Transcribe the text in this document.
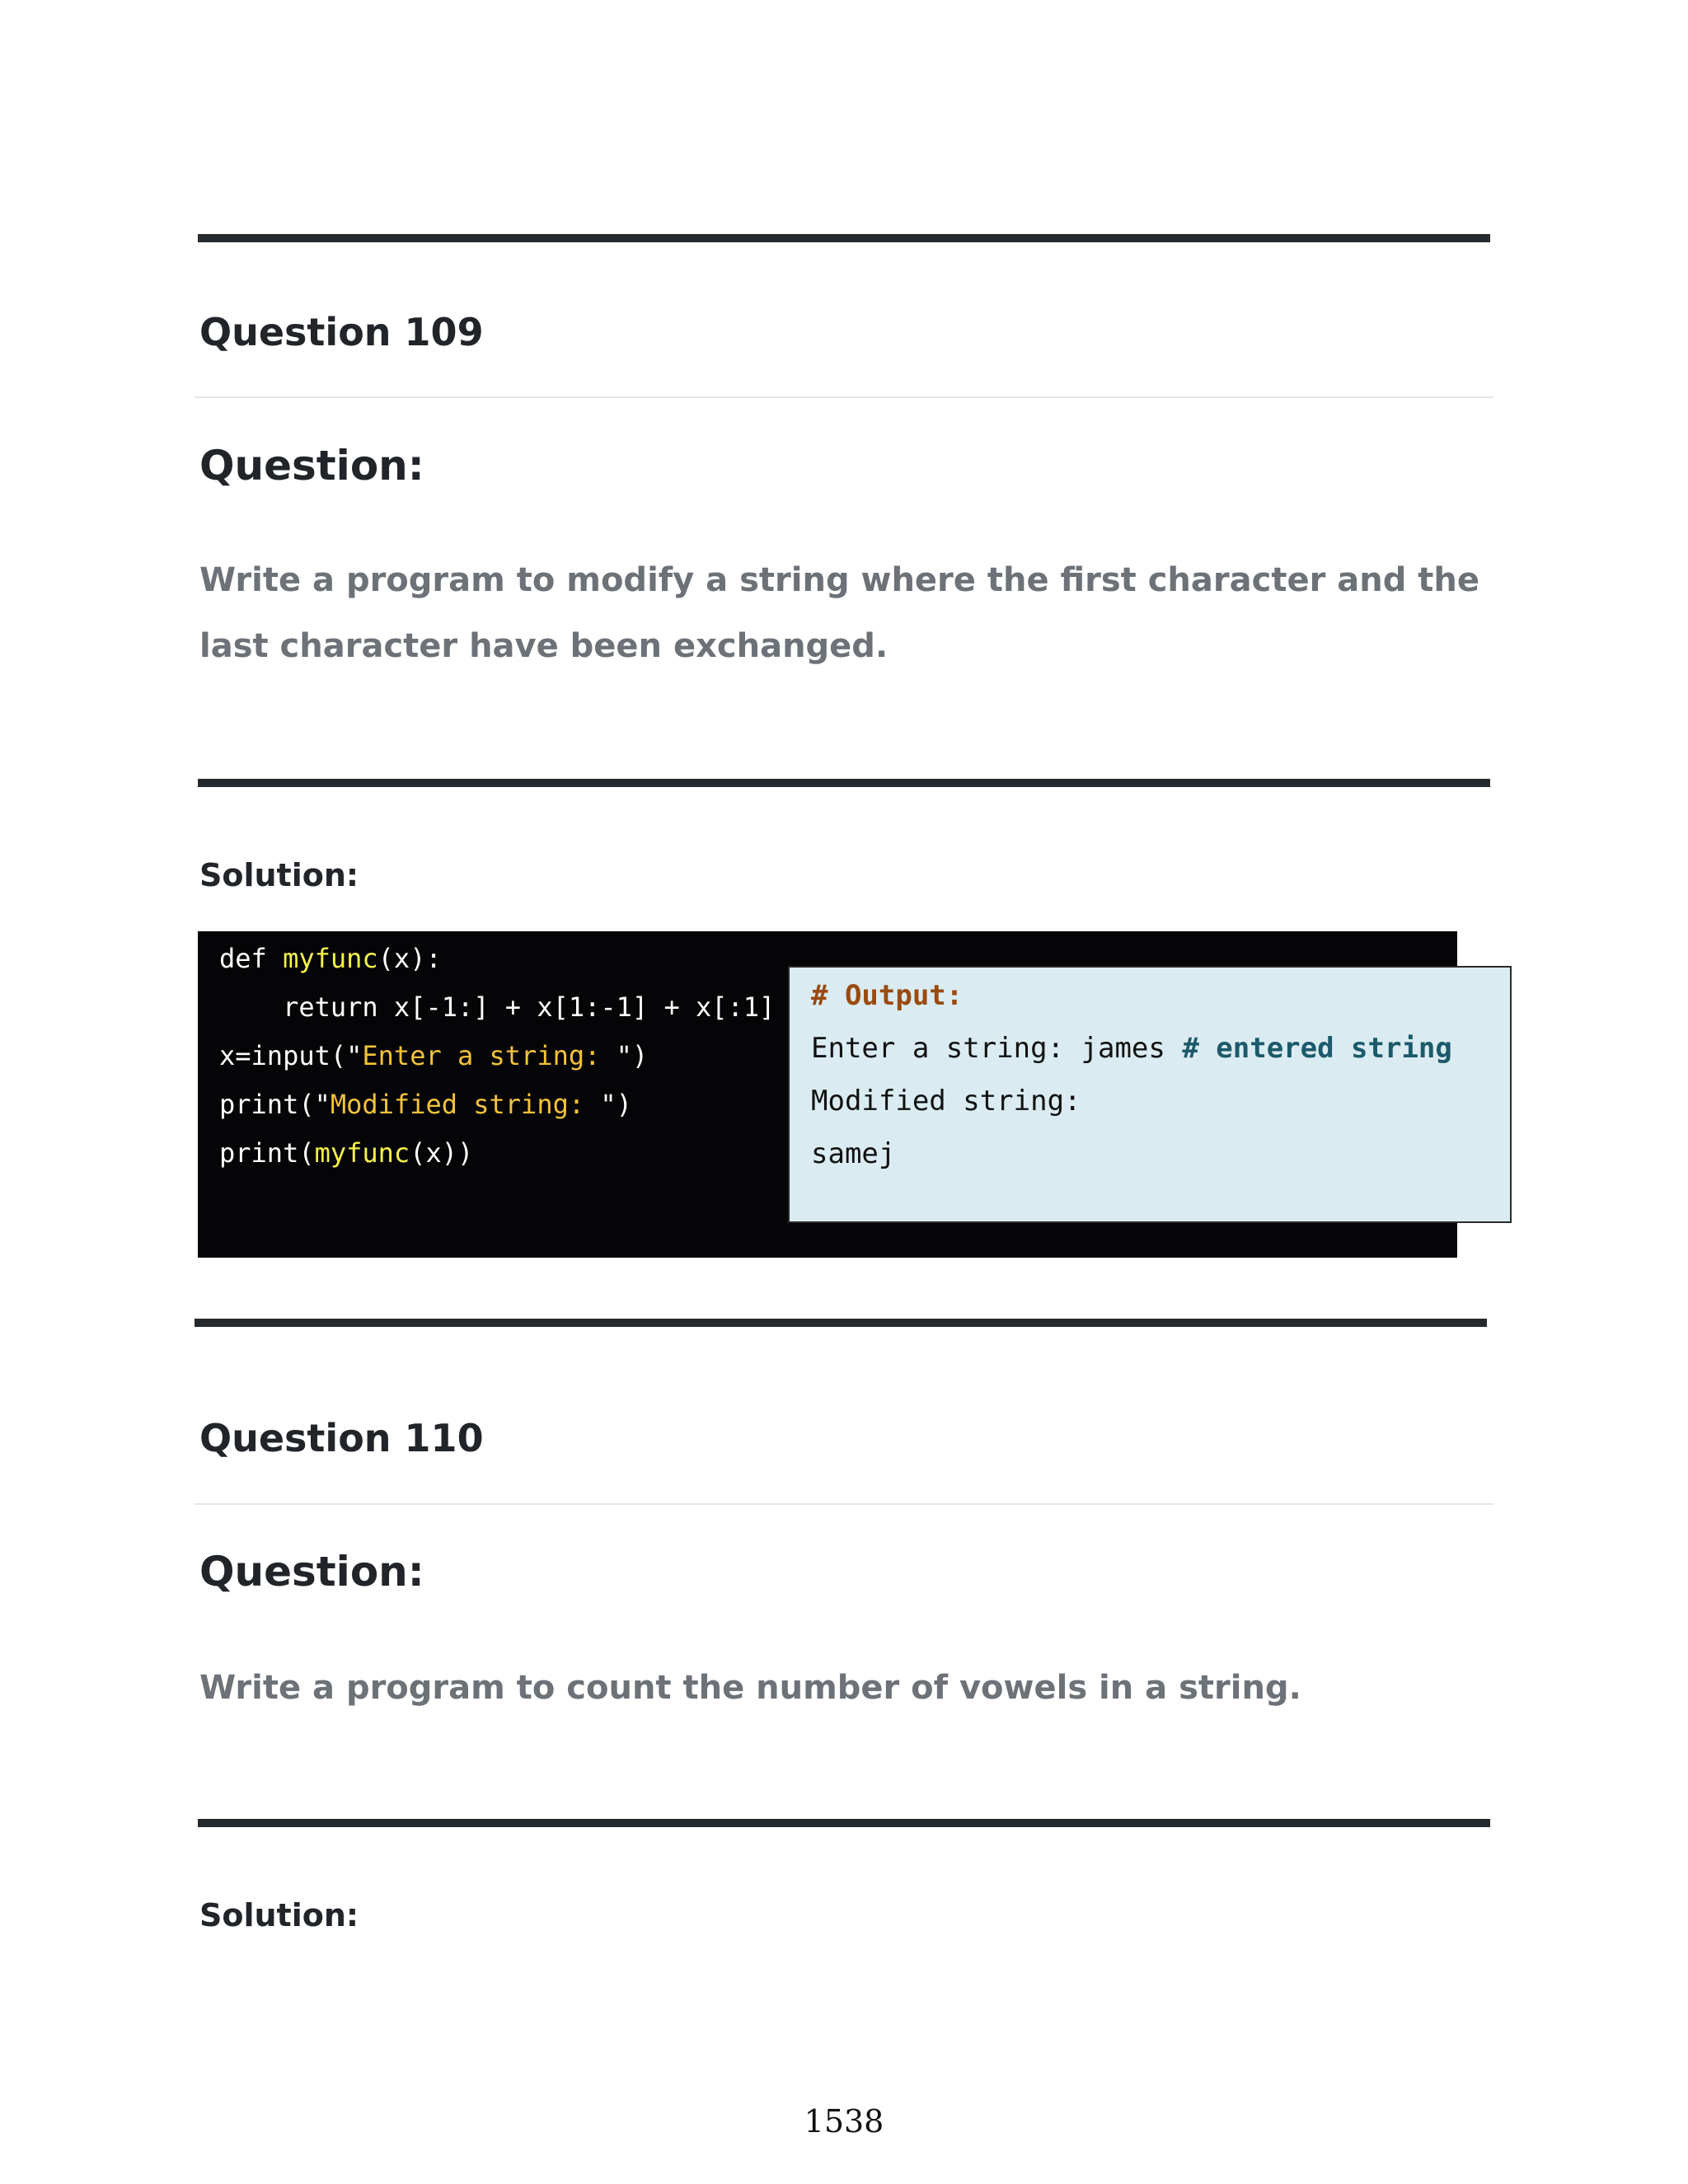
Question 109
Question:
Write a program to modify a string where the first character and the last character have been exchanged.
Solution:
def myfunc(x):
return x[-1:] + x[1:-1] + x[:1]
x=input("Enter a string: ")
print("Modified string: ")
print(myfunc(x))
# Output:
Enter a string: james # entered string
Modified string:
samej
Question 110
Question:
Write a program to count the number of vowels in a string.
Solution:
1538
